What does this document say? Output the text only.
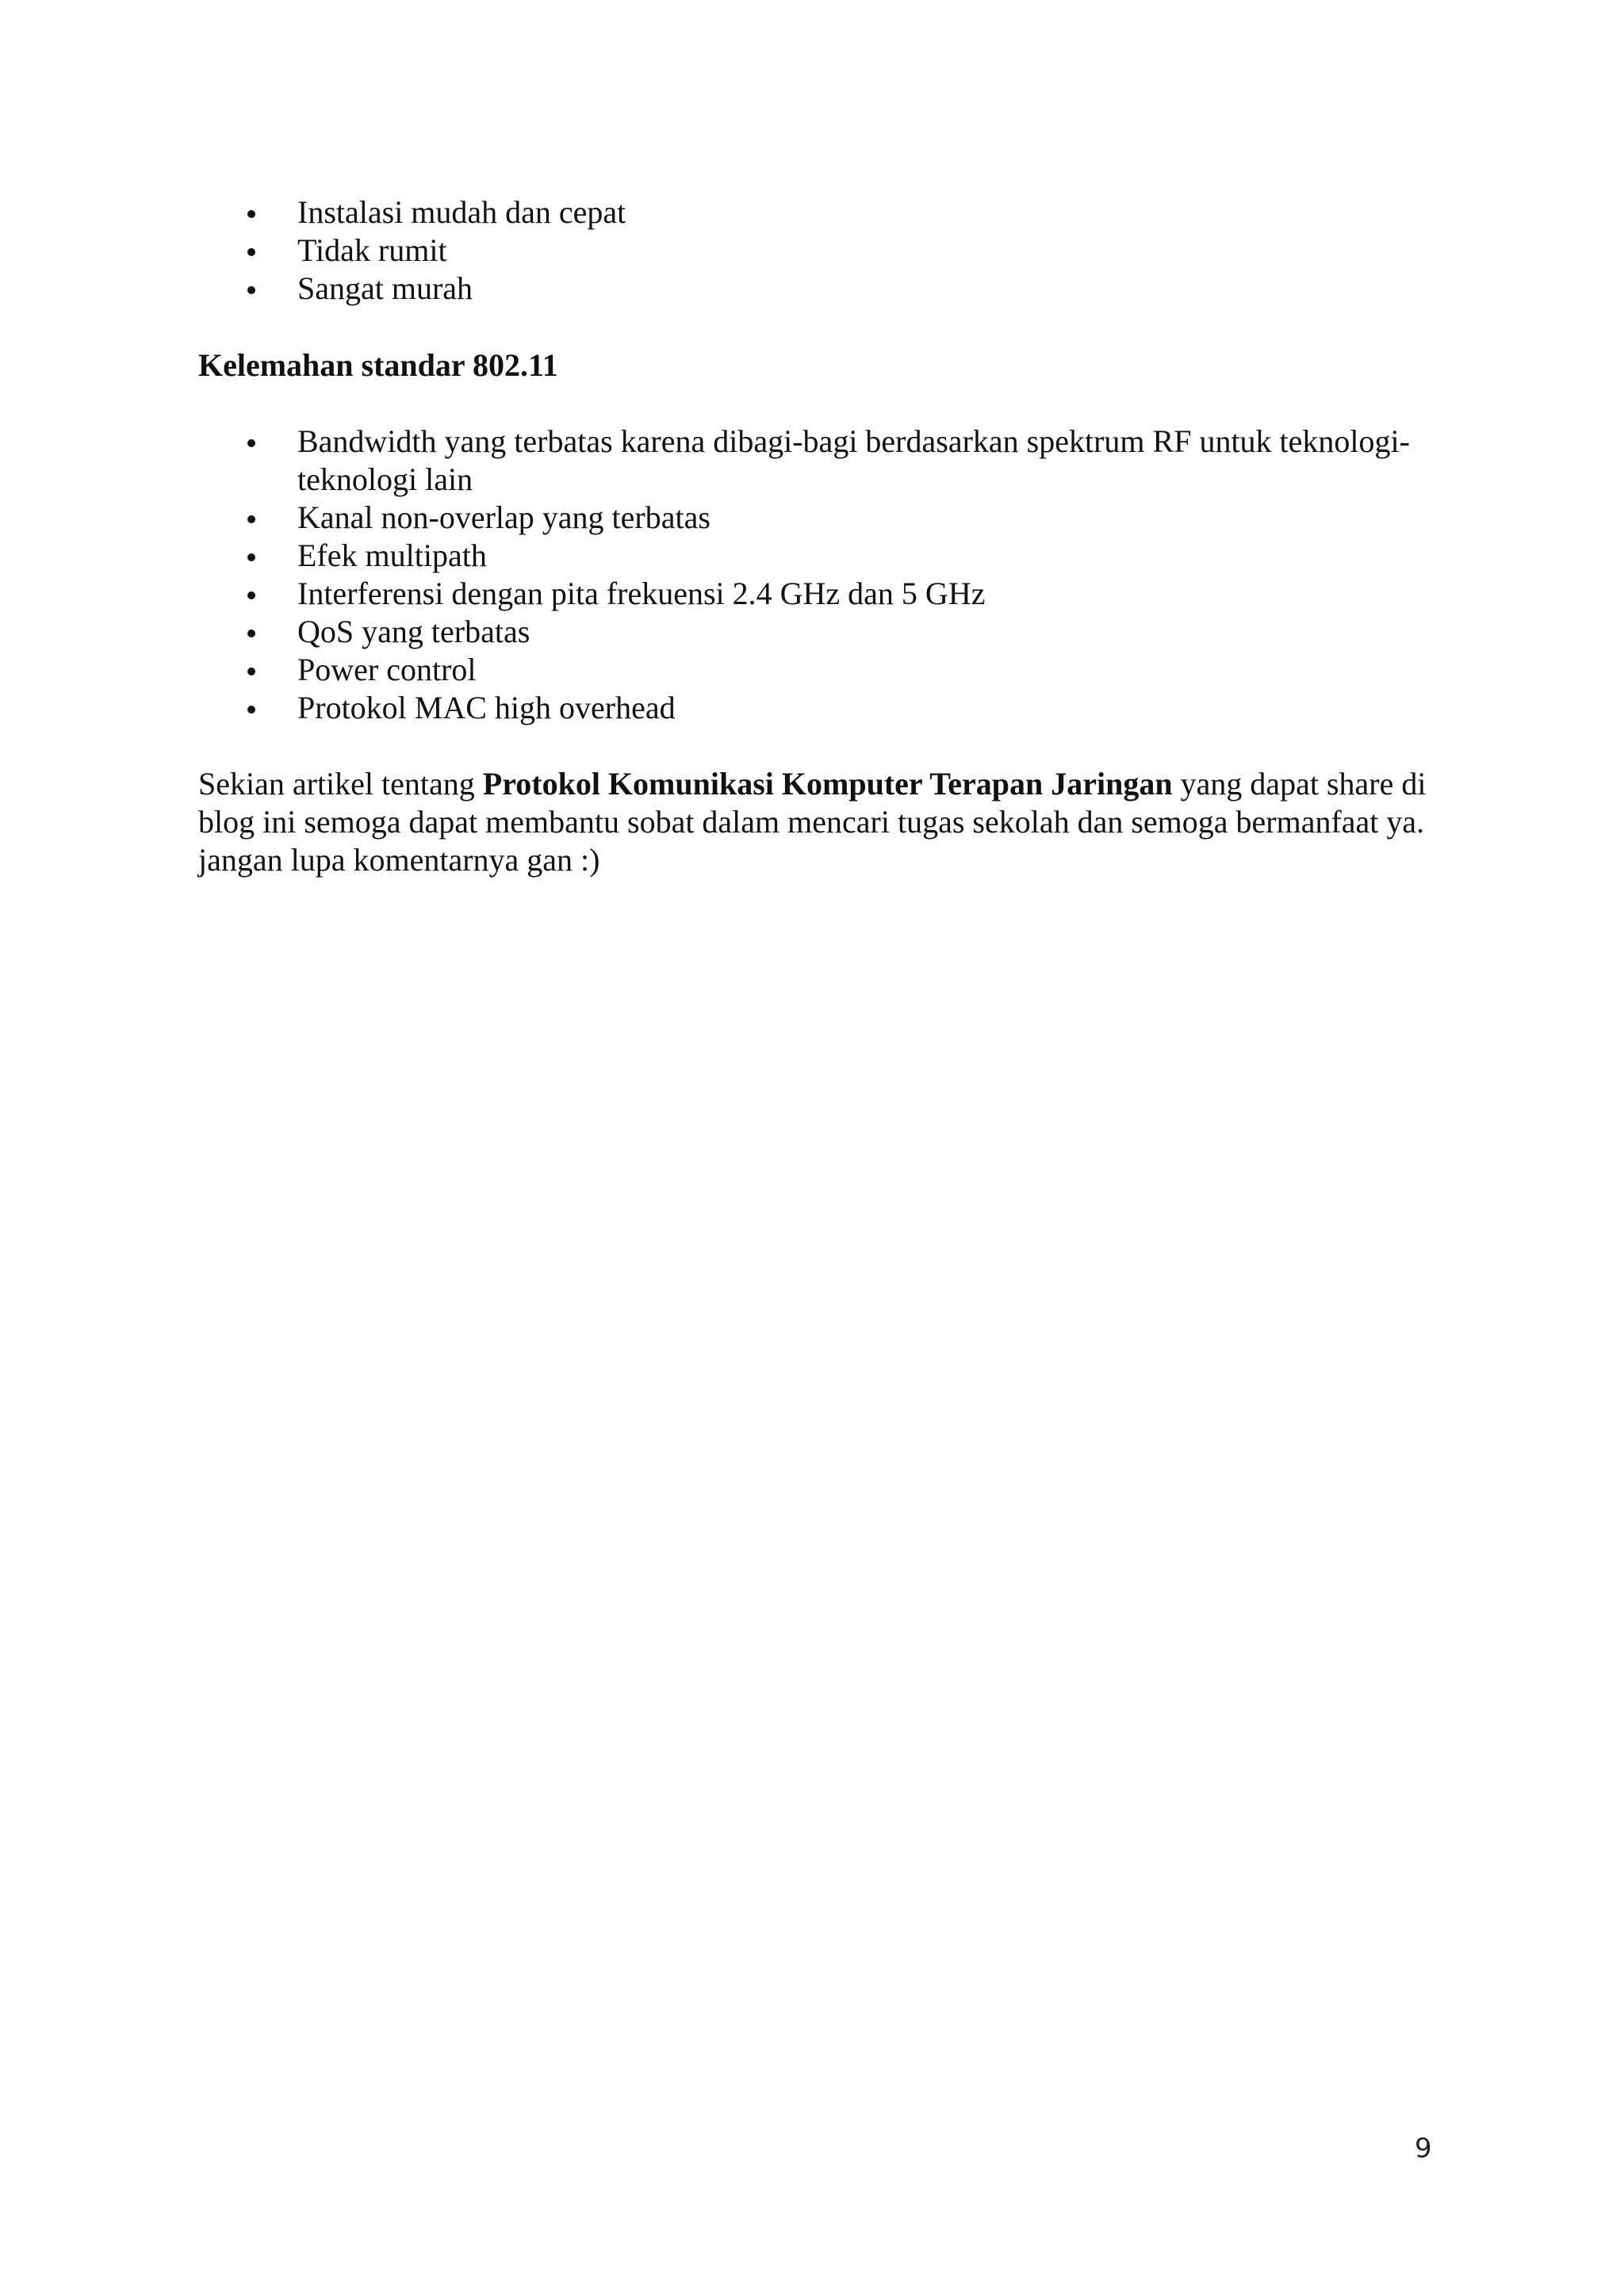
Instalasi mudah dan cepat
Tidak rumit
Sangat murah
Kelemahan standar 802.11
Bandwidth yang terbatas karena dibagi-bagi berdasarkan spektrum RF untuk teknologi-teknologi lain
Kanal non-overlap yang terbatas
Efek multipath
Interferensi dengan pita frekuensi 2.4 GHz dan 5 GHz
QoS yang terbatas
Power control
Protokol MAC high overhead

Sekian artikel tentang Protokol Komunikasi Komputer Terapan Jaringan yang dapat share di blog ini semoga dapat membantu sobat dalam mencari tugas sekolah dan semoga bermanfaat ya. jangan lupa komentarnya gan :)

9
